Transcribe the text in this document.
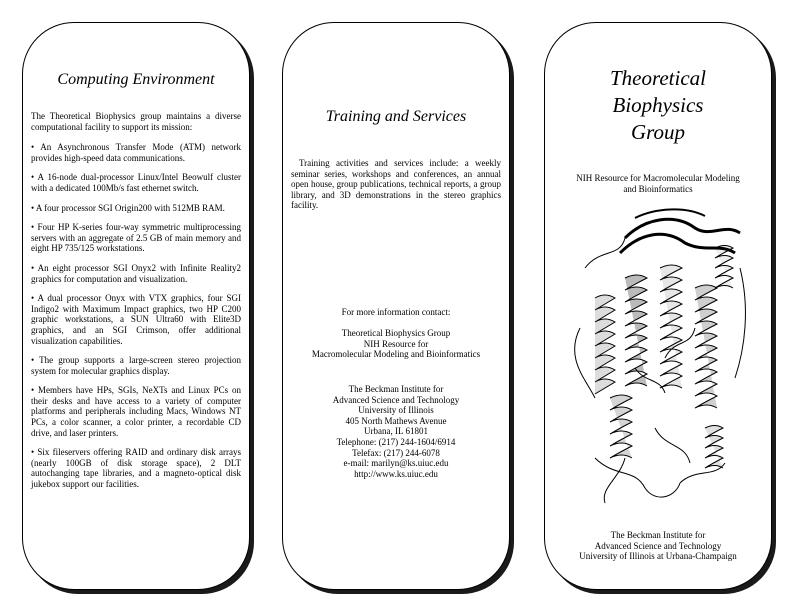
Computing Environment

The Theoretical Biophysics group maintains a diverse computational facility to support its mission:

• An Asynchronous Transfer Mode (ATM) network provides high-speed data communications.

• A 16-node dual-processor Linux/Intel Beowulf cluster with a dedicated 100Mb/s fast ethernet switch.

• A four processor SGI Origin200 with 512MB RAM.

• Four HP K-series four-way symmetric multiprocessing servers with an aggregate of 2.5 GB of main memory and eight HP 735/125 workstations.

• An eight processor SGI Onyx2 with Infinite Reality2 graphics for computation and visualization.

• A dual processor Onyx with VTX graphics, four SGI Indigo2 with Maximum Impact graphics, two HP C200 graphic workstations, a SUN Ultra60 with Elite3D graphics, and an SGI Crimson, offer additional visualization capabilities.

• The group supports a large-screen stereo projection system for molecular graphics display.

• Members have HPs, SGIs, NeXTs and Linux PCs on their desks and have access to a variety of computer platforms and peripherals including Macs, Windows NT PCs, a color scanner, a color printer, a recordable CD drive, and laser printers.

• Six fileservers offering RAID and ordinary disk arrays (nearly 100GB of disk storage space), 2 DLT autochanging tape libraries, and a magneto-optical disk jukebox support our facilities.

Training and Services

Training activities and services include: a weekly seminar series, workshops and conferences, an annual open house, group publications, technical reports, a group library, and 3D demonstrations in the stereo graphics facility.

For more information contact:

Theoretical Biophysics Group

NIH Resource for

Macromolecular Modeling and Bioinformatics

The Beckman Institute for

Advanced Science and Technology

University of Illinois

405 North Mathews Avenue

Urbana, IL 61801

Telephone: (217) 244-1604/6914

Telefax: (217) 244-6078

e-mail: marilyn@ks.uiuc.edu

http://www.ks.uiuc.edu

Theoretical

Biophysics

Group

NIH Resource for Macromolecular Modeling

and Bioinformatics

The Beckman Institute for

Advanced Science and Technology

University of Illinois at Urbana-Champaign
